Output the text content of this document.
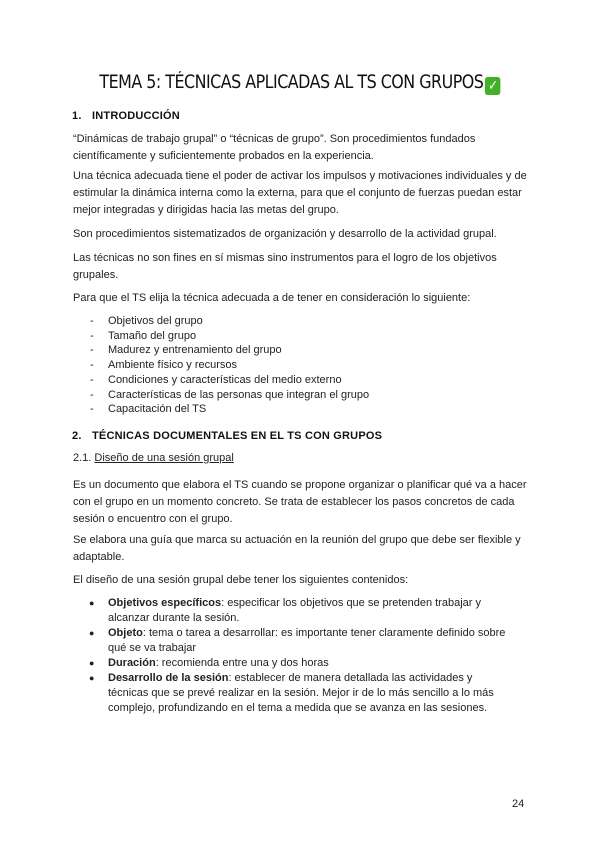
TEMA 5: TÉCNICAS APLICADAS AL TS CON GRUPOS ✓
1. INTRODUCCIÓN
“Dinámicas de trabajo grupal” o “técnicas de grupo”. Son procedimientos fundados científicamente y suficientemente probados en la experiencia.
Una técnica adecuada tiene el poder de activar los impulsos y motivaciones individuales y de estimular la dinámica interna como la externa, para que el conjunto de fuerzas puedan estar mejor integradas y dirigidas hacia las metas del grupo.
Son procedimientos sistematizados de organización y desarrollo de la actividad grupal.
Las técnicas no son fines en sí mismas sino instrumentos para el logro de los objetivos grupales.
Para que el TS elija la técnica adecuada a de tener en consideración lo siguiente:
- Objetivos del grupo
- Tamaño del grupo
- Madurez y entrenamiento del grupo
- Ambiente físico y recursos
- Condiciones y características del medio externo
- Características de las personas que integran el grupo
- Capacitación del TS
2. TÉCNICAS DOCUMENTALES EN EL TS CON GRUPOS
2.1. Diseño de una sesión grupal
Es un documento que elabora el TS cuando se propone organizar o planificar qué va a hacer con el grupo en un momento concreto. Se trata de establecer los pasos concretos de cada sesión o encuentro con el grupo.
Se elabora una guía que marca su actuación en la reunión del grupo que debe ser flexible y adaptable.
El diseño de una sesión grupal debe tener los siguientes contenidos:
● Objetivos específicos: especificar los objetivos que se pretenden trabajar y alcanzar durante la sesión.
● Objeto: tema o tarea a desarrollar: es importante tener claramente definido sobre qué se va trabajar
● Duración: recomienda entre una y dos horas
● Desarrollo de la sesión: establecer de manera detallada las actividades y técnicas que se prevé realizar en la sesión. Mejor ir de lo más sencillo a lo más complejo, profundizando en el tema a medida que se avanza en las sesiones.
24
